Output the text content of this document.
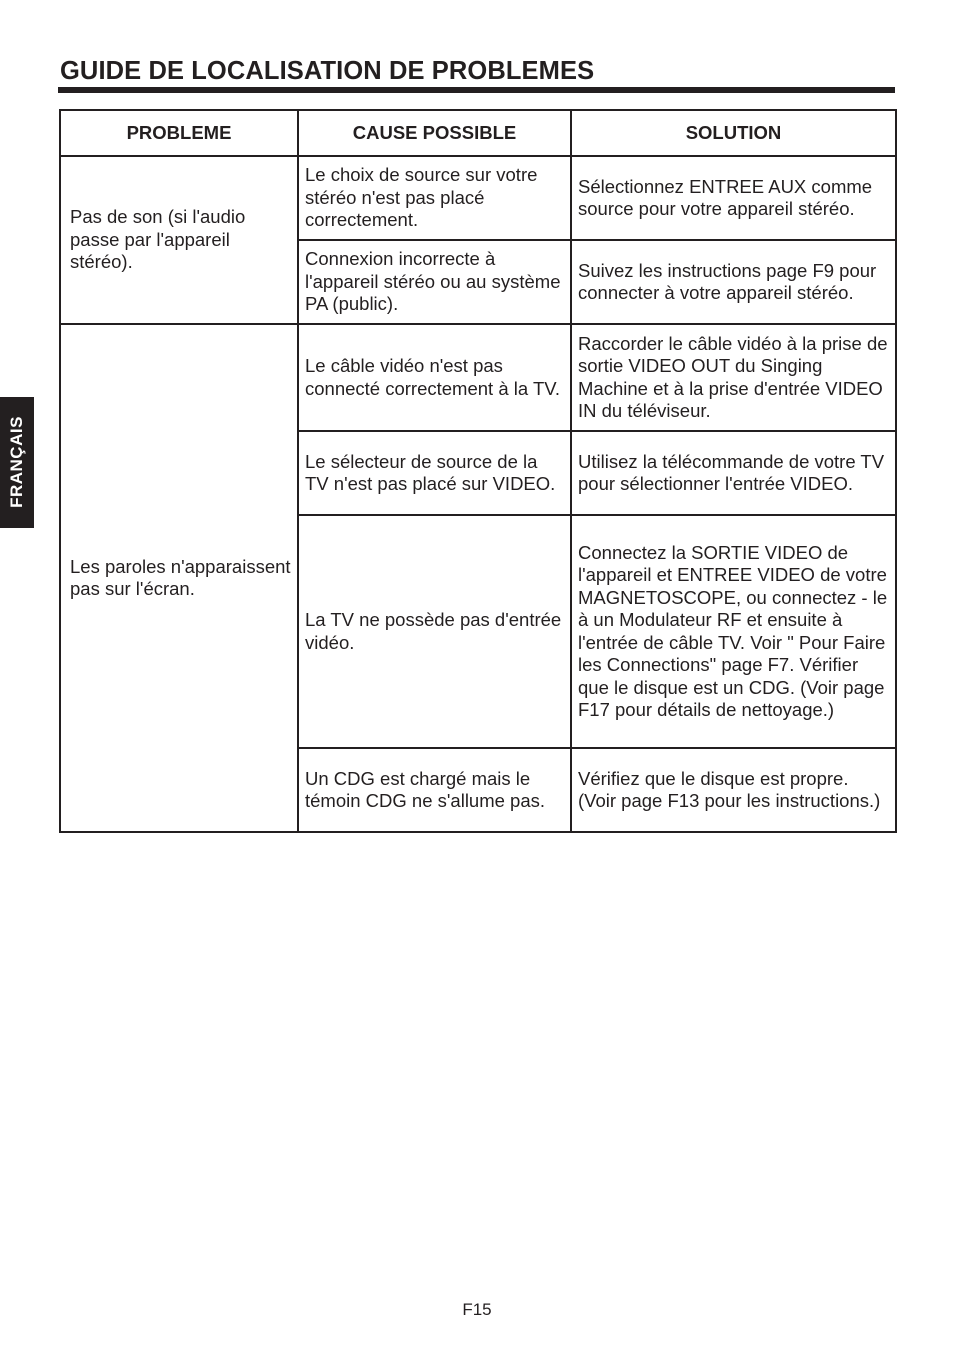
GUIDE DE LOCALISATION DE PROBLEMES
FRANÇAIS
PROBLEME	CAUSE POSSIBLE	SOLUTION
Pas de son (si l'audio passe par l'appareil stéréo).	Le choix de source sur votre stéréo n'est pas placé correctement.	Sélectionnez ENTREE AUX comme source pour votre appareil stéréo.
	Connexion incorrecte à l'appareil stéréo ou au système PA (public).	Suivez les instructions page F9 pour connecter à votre appareil stéréo.
Les paroles n'apparaissent pas sur l'écran.	Le câble vidéo n'est pas connecté correctement à la TV.	Raccorder le câble vidéo à la prise de sortie VIDEO OUT du Singing Machine et à la prise d'entrée VIDEO IN du téléviseur.
	Le sélecteur de source de la TV n'est pas placé sur VIDEO.	Utilisez la télécommande de votre TV pour sélectionner l'entrée VIDEO.
	La TV ne possède pas d'entrée vidéo.	Connectez la SORTIE VIDEO de l'appareil et ENTREE VIDEO de votre MAGNETOSCOPE, ou connectez - le à un Modulateur RF et ensuite à l'entrée de câble TV. Voir " Pour Faire les Connections" page F7. Vérifier que le disque est un CDG. (Voir page F17 pour détails de nettoyage.)
	Un CDG est chargé mais le témoin CDG ne s'allume pas.	Vérifiez que le disque est propre. (Voir page F13 pour les instructions.)
F15
